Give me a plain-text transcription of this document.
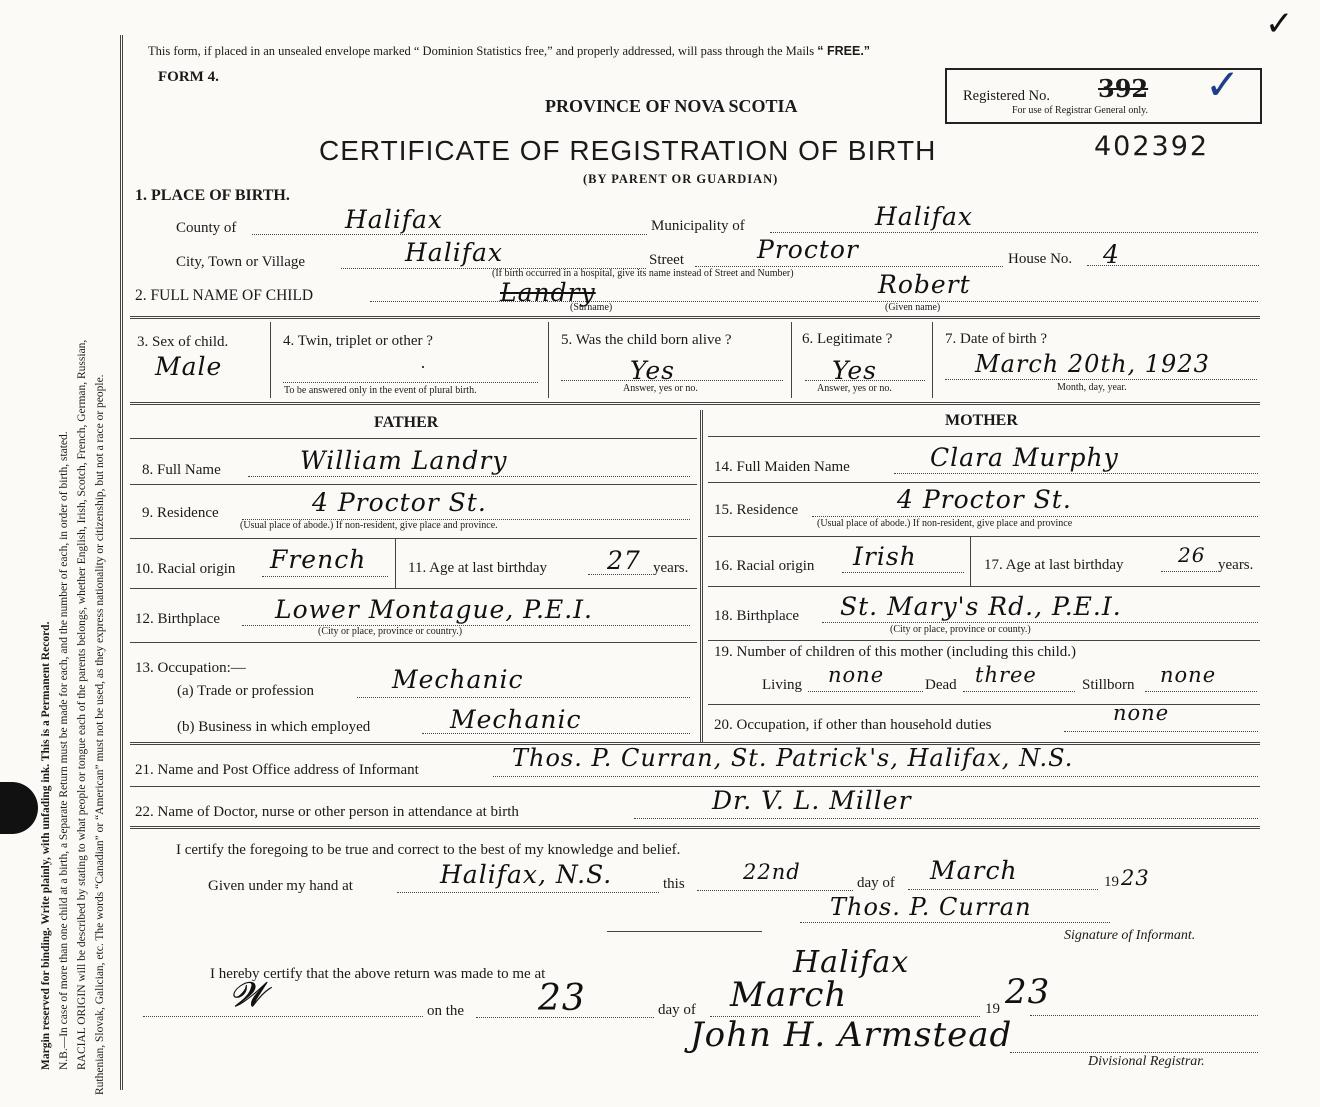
Margin reserved for binding. Write plainly, with unfading ink. This is a Permanent Record. N.B.—In case of more than one child at a birth, a Separate Return must be made for each, and the number of each, in order of birth, stated. RACIAL ORIGIN will be described by stating to what people or tongue each of the parents belongs, whether English, Irish, Scotch, French, German, Russian, Ruthenian, Slovak, Galician, etc. The words “Canadian” or “American” must not be used, as they express nationality or citizenship, but not a race or people.
This form, if placed in an unsealed envelope marked “ Dominion Statistics free,” and properly addressed, will pass through the Mails “ FREE.”
FORM 4.
✓
Registered No. 392 ✓
For use of Registrar General only.
PROVINCE OF NOVA SCOTIA
CERTIFICATE OF REGISTRATION OF BIRTH	402392
(BY PARENT OR GUARDIAN)
1. PLACE OF BIRTH.
County of	Halifax	Municipality of	Halifax
City, Town or Village	Halifax	Street	Proctor	House No. 4
(If birth occurred in a hospital, give its name instead of Street and Number)
2. FULL NAME OF CHILD	Landry
(Surname)
Robert
(Given name)
3. Sex of child.
Male
4. Twin, triplet or other ?
·
To be answered only in the event of plural birth.
5. Was the child born alive ?
Yes
Answer, yes or no.
6. Legitimate ?
Yes
Answer, yes or no.
7. Date of birth ?
March 20th, 1923
Month, day, year.
FATHER	MOTHER
8. Full Name	William Landry
9. Residence	4 Proctor St.
(Usual place of abode.) If non-resident, give place and province.
10. Racial origin French	11. Age at last birthday 27 years.
12. Birthplace Lower Montague, P.E.I.
(City or place, province or country.)
13. Occupation:—
(a) Trade or profession	Mechanic
(b) Business in which employed	Mechanic
14. Full Maiden Name	Clara Murphy
15. Residence	4 Proctor St.
(Usual place of abode.) If non-resident, give place and province
16. Racial origin Irish	17. Age at last birthday	26 years.
18. Birthplace St. Mary's Rd., P.E.I.
(City or place, province or county.)
19. Number of children of this mother (including this child.)
Living none	Dead three	Stillborn none
20. Occupation, if other than household duties	none
21. Name and Post Office address of Informant	Thos. P. Curran, St. Patrick's, Halifax, N.S.
22. Name of Doctor, nurse or other person in attendance at birth	Dr. V. L. Miller
I certify the foregoing to be true and correct to the best of my knowledge and belief.
Given under my hand at	Halifax, N.S.	this	22nd	day of March	19 23
Thos. P. Curran
Signature of Informant.
𝓦
I hereby certify that the above return was made to me at	Halifax
on the 23	day of March	19 23
John H. Armstead
Divisional Registrar.
